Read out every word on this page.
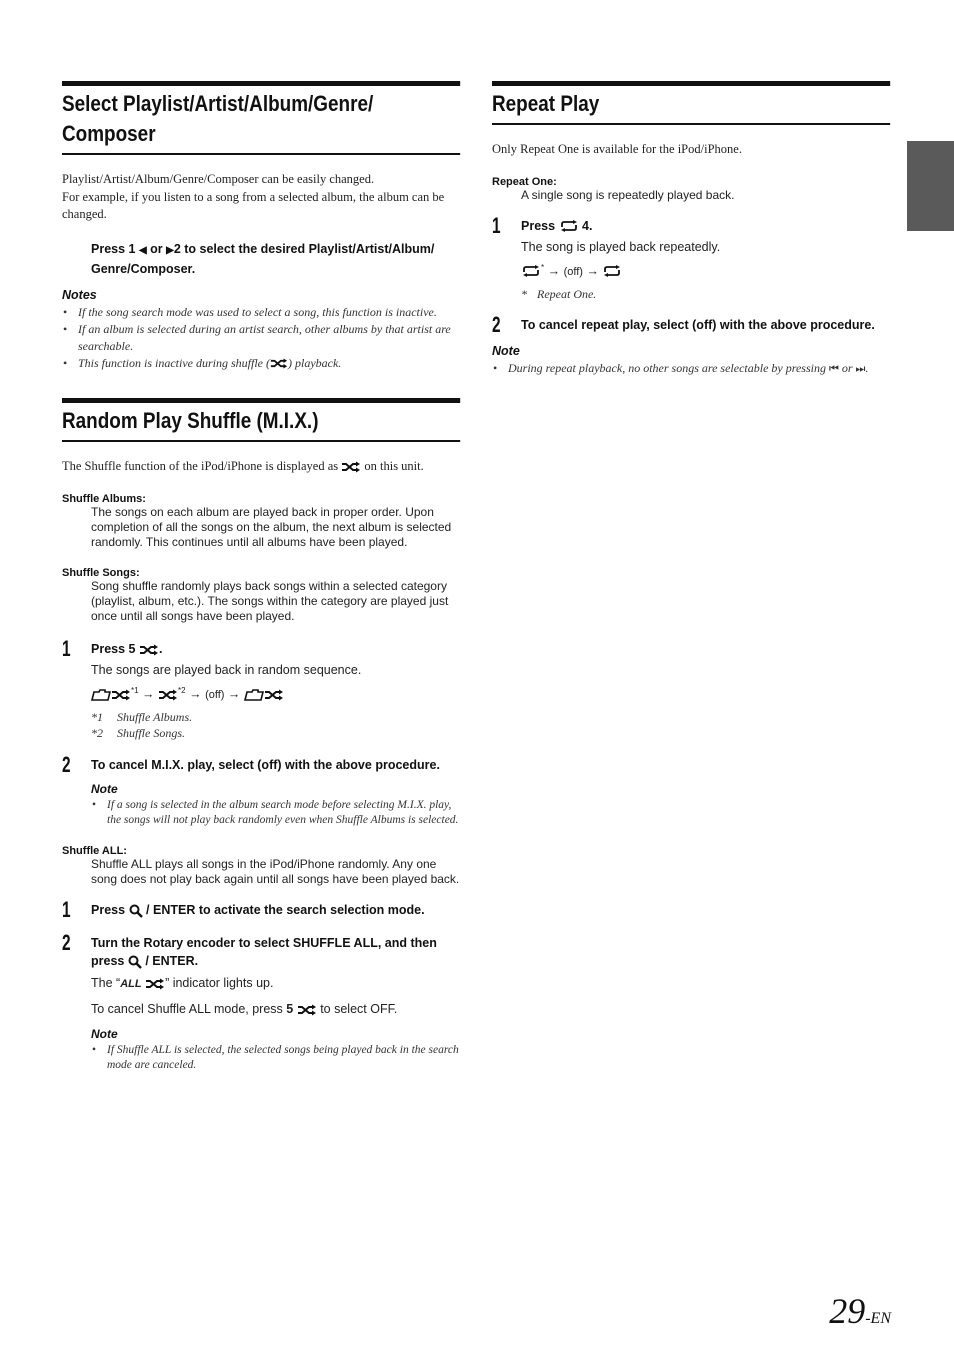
Select Playlist/Artist/Album/Genre/
Composer
Playlist/Artist/Album/Genre/Composer can be easily changed.
For example, if you listen to a song from a selected album, the album can be changed.
Press 1 ◀ or ▶2 to select the desired Playlist/Artist/Album/
Genre/Composer.
Notes
• If the song search mode was used to select a song, this function is inactive.
• If an album is selected during an artist search, other albums by that artist are searchable.
• This function is inactive during shuffle ( ) playback.
Random Play Shuffle (M.I.X.)
The Shuffle function of the iPod/iPhone is displayed as on this unit.
Shuffle Albums:
The songs on each album are played back in proper order. Upon completion of all the songs on the album, the next album is selected randomly. This continues until all albums have been played.
Shuffle Songs:
Song shuffle randomly plays back songs within a selected category (playlist, album, etc.). The songs within the category are played just once until all songs have been played.
1 Press 5 .
The songs are played back in random sequence.
$^{*1}$ →	$^{*2}$ → (off) →
*1 Shuffle Albums.
*2 Shuffle Songs.
2 To cancel M.I.X. play, select (off) with the above procedure.
Note
• If a song is selected in the album search mode before selecting M.I.X. play, the songs will not play back randomly even when Shuffle Albums is selected.
Shuffle ALL:
Shuffle ALL plays all songs in the iPod/iPhone randomly. Any one song does not play back again until all songs have been played back.
1 Press / ENTER to activate the search selection mode.
2 Turn the Rotary encoder to select SHUFFLE ALL, and then press / ENTER.
The “ALL ” indicator lights up.
To cancel Shuffle ALL mode, press 5 to select OFF.
Note
• If Shuffle ALL is selected, the selected songs being played back in the search mode are canceled.
Repeat Play
Only Repeat One is available for the iPod/iPhone.
Repeat One:
A single song is repeatedly played back.
1 Press 4.
The song is played back repeatedly.
* → (off) →
* Repeat One.
2 To cancel repeat play, select (off) with the above procedure.
Note
• During repeat playback, no other songs are selectable by pressing ⏮ or ⏭.
29-EN
